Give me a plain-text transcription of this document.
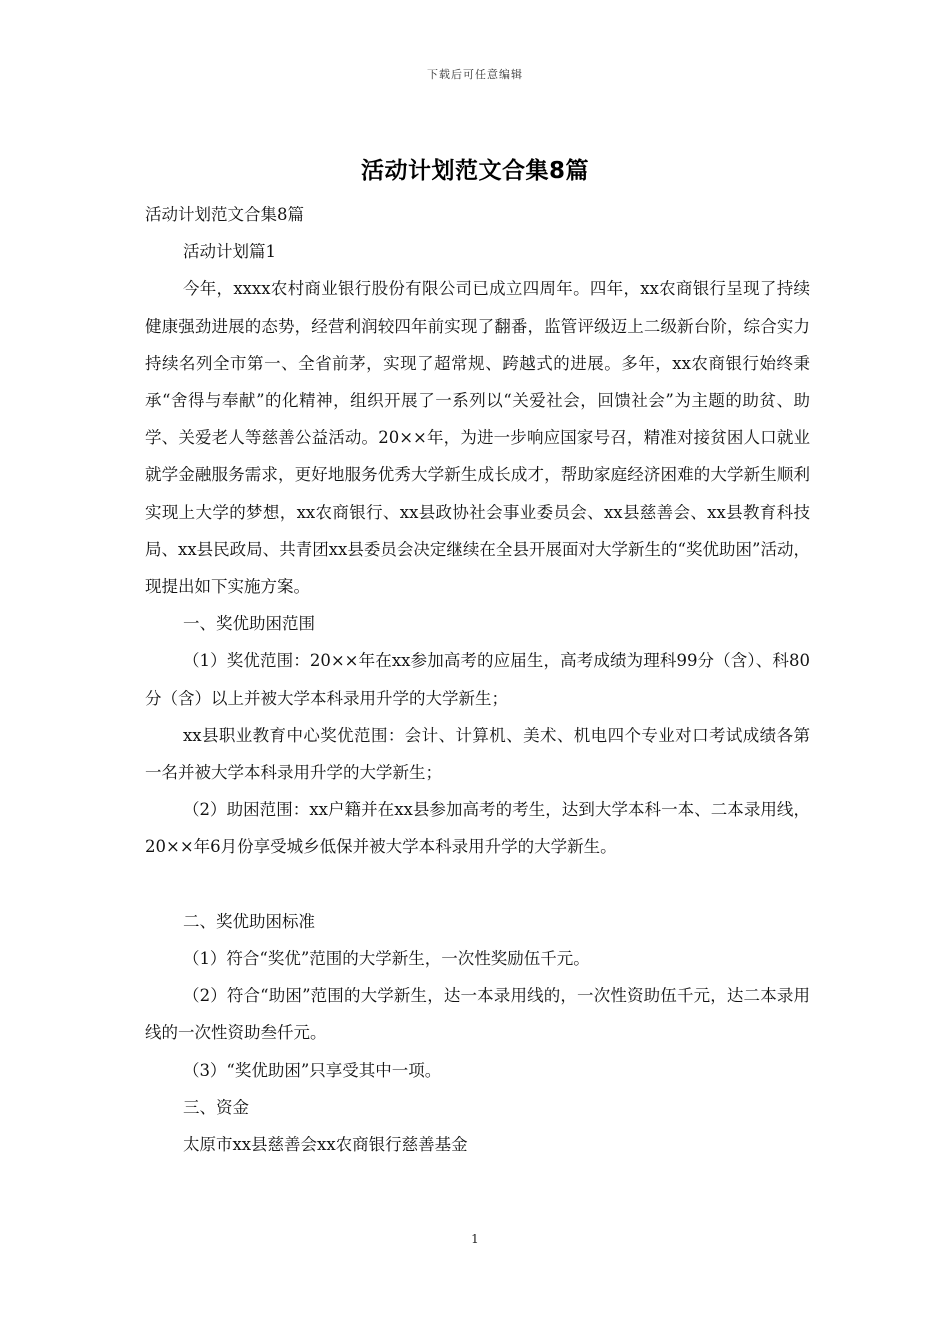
下载后可任意编辑
活动计划范文合集8篇

活动计划范文合集8篇

活动计划篇1

今年，xxxx农村商业银行股份有限公司已成立四周年。四年，xx农商银行呈现了持续健康强劲进展的态势，经营利润较四年前实现了翻番，监管评级迈上二级新台阶，综合实力持续名列全市第一、全省前茅，实现了超常规、跨越式的进展。多年，xx农商银行始终秉承“舍得与奉献”的化精神，组织开展了一系列以“关爱社会，回馈社会”为主题的助贫、助学、关爱老人等慈善公益活动。20××年，为进一步响应国家号召，精准对接贫困人口就业就学金融服务需求，更好地服务优秀大学新生成长成才，帮助家庭经济困难的大学新生顺利实现上大学的梦想，xx农商银行、xx县政协社会事业委员会、xx县慈善会、xx县教育科技局、xx县民政局、共青团xx县委员会决定继续在全县开展面对大学新生的“奖优助困”活动，现提出如下实施方案。

一、奖优助困范围

（1）奖优范围：20××年在xx参加高考的应届生，高考成绩为理科99分（含）、科80分（含）以上并被大学本科录用升学的大学新生；

xx县职业教育中心奖优范围：会计、计算机、美术、机电四个专业对口考试成绩各第一名并被大学本科录用升学的大学新生；

（2）助困范围：xx户籍并在xx县参加高考的考生，达到大学本科一本、二本录用线，20××年6月份享受城乡低保并被大学本科录用升学的大学新生。

二、奖优助困标准

（1）符合“奖优”范围的大学新生，一次性奖励伍千元。

（2）符合“助困”范围的大学新生，达一本录用线的，一次性资助伍千元，达二本录用线的一次性资助叁仟元。

（3）“奖优助困”只享受其中一项。

三、资金

太原市xx县慈善会xx农商银行慈善基金

1
